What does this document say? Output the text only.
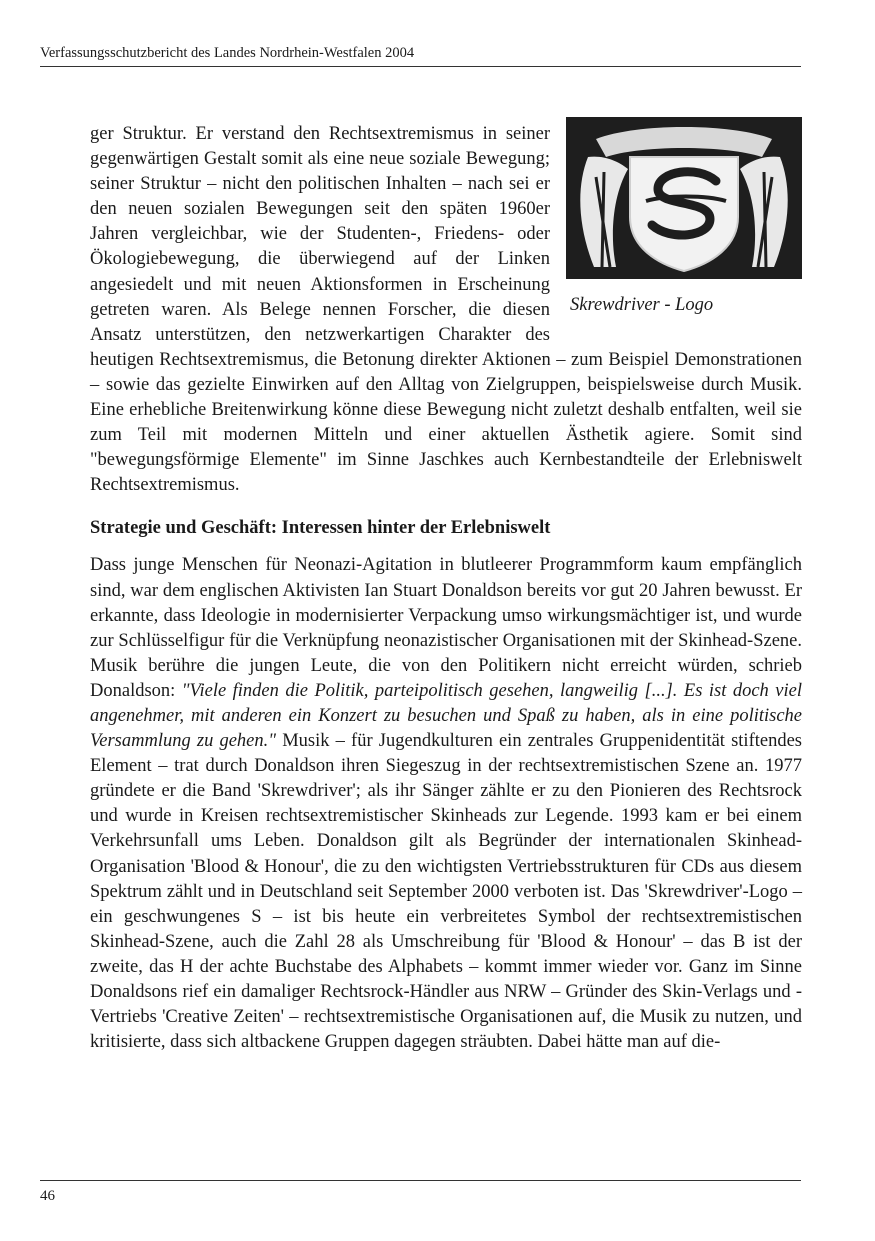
Verfassungsschutzbericht des Landes Nordrhein-Westfalen 2004
Skrewdriver - Logo

ger Struktur. Er verstand den Rechtsextremismus in seiner gegenwärtigen Gestalt somit als eine neue soziale Bewegung; seiner Struktur – nicht den politischen Inhalten – nach sei er den neuen sozialen Bewegungen seit den späten 1960er Jahren vergleichbar, wie der Studenten-, Friedens- oder Ökologiebewegung, die überwiegend auf der Linken angesiedelt und mit neuen Aktionsformen in Erscheinung getreten waren. Als Belege nennen Forscher, die diesen Ansatz unterstützen, den netzwerkartigen Charakter des heutigen Rechtsextremismus, die Betonung direkter Aktionen – zum Beispiel Demonstrationen – sowie das gezielte Einwirken auf den Alltag von Zielgruppen, beispielsweise durch Musik. Eine erhebliche Breitenwirkung könne diese Bewegung nicht zuletzt deshalb entfalten, weil sie zum Teil mit modernen Mitteln und einer aktuellen Ästhetik agiere. Somit sind "bewegungsförmige Elemente" im Sinne Jaschkes auch Kernbestandteile der Erlebniswelt Rechtsextremismus.

Strategie und Geschäft: Interessen hinter der Erlebniswelt

Dass junge Menschen für Neonazi-Agitation in blutleerer Programmform kaum empfänglich sind, war dem englischen Aktivisten Ian Stuart Donaldson bereits vor gut 20 Jahren bewusst. Er erkannte, dass Ideologie in modernisierter Verpackung umso wirkungsmächtiger ist, und wurde zur Schlüsselfigur für die Verknüpfung neonazistischer Organisationen mit der Skinhead-Szene. Musik berühre die jungen Leute, die von den Politikern nicht erreicht würden, schrieb Donaldson: "Viele finden die Politik, parteipolitisch gesehen, langweilig [...]. Es ist doch viel angenehmer, mit anderen ein Konzert zu besuchen und Spaß zu haben, als in eine politische Versammlung zu gehen." Musik – für Jugendkulturen ein zentrales Gruppenidentität stiftendes Element – trat durch Donaldson ihren Siegeszug in der rechtsextremistischen Szene an. 1977 gründete er die Band 'Skrewdriver'; als ihr Sänger zählte er zu den Pionieren des Rechtsrock und wurde in Kreisen rechtsextremistischer Skinheads zur Legende. 1993 kam er bei einem Verkehrsunfall ums Leben. Donaldson gilt als Begründer der internationalen Skinhead-Organisation 'Blood & Honour', die zu den wichtigsten Vertriebsstrukturen für CDs aus diesem Spektrum zählt und in Deutschland seit September 2000 verboten ist. Das 'Skrewdriver'-Logo – ein geschwungenes S – ist bis heute ein verbreitetes Symbol der rechtsextremistischen Skinhead-Szene, auch die Zahl 28 als Umschreibung für 'Blood & Honour' – das B ist der zweite, das H der achte Buchstabe des Alphabets – kommt immer wieder vor. Ganz im Sinne Donaldsons rief ein damaliger Rechtsrock-Händler aus NRW – Gründer des Skin-Verlags und -Vertriebs 'Creative Zeiten' – rechtsextremistische Organisationen auf, die Musik zu nutzen, und kritisierte, dass sich altbackene Gruppen dagegen sträubten. Dabei hätte man auf die-

46
